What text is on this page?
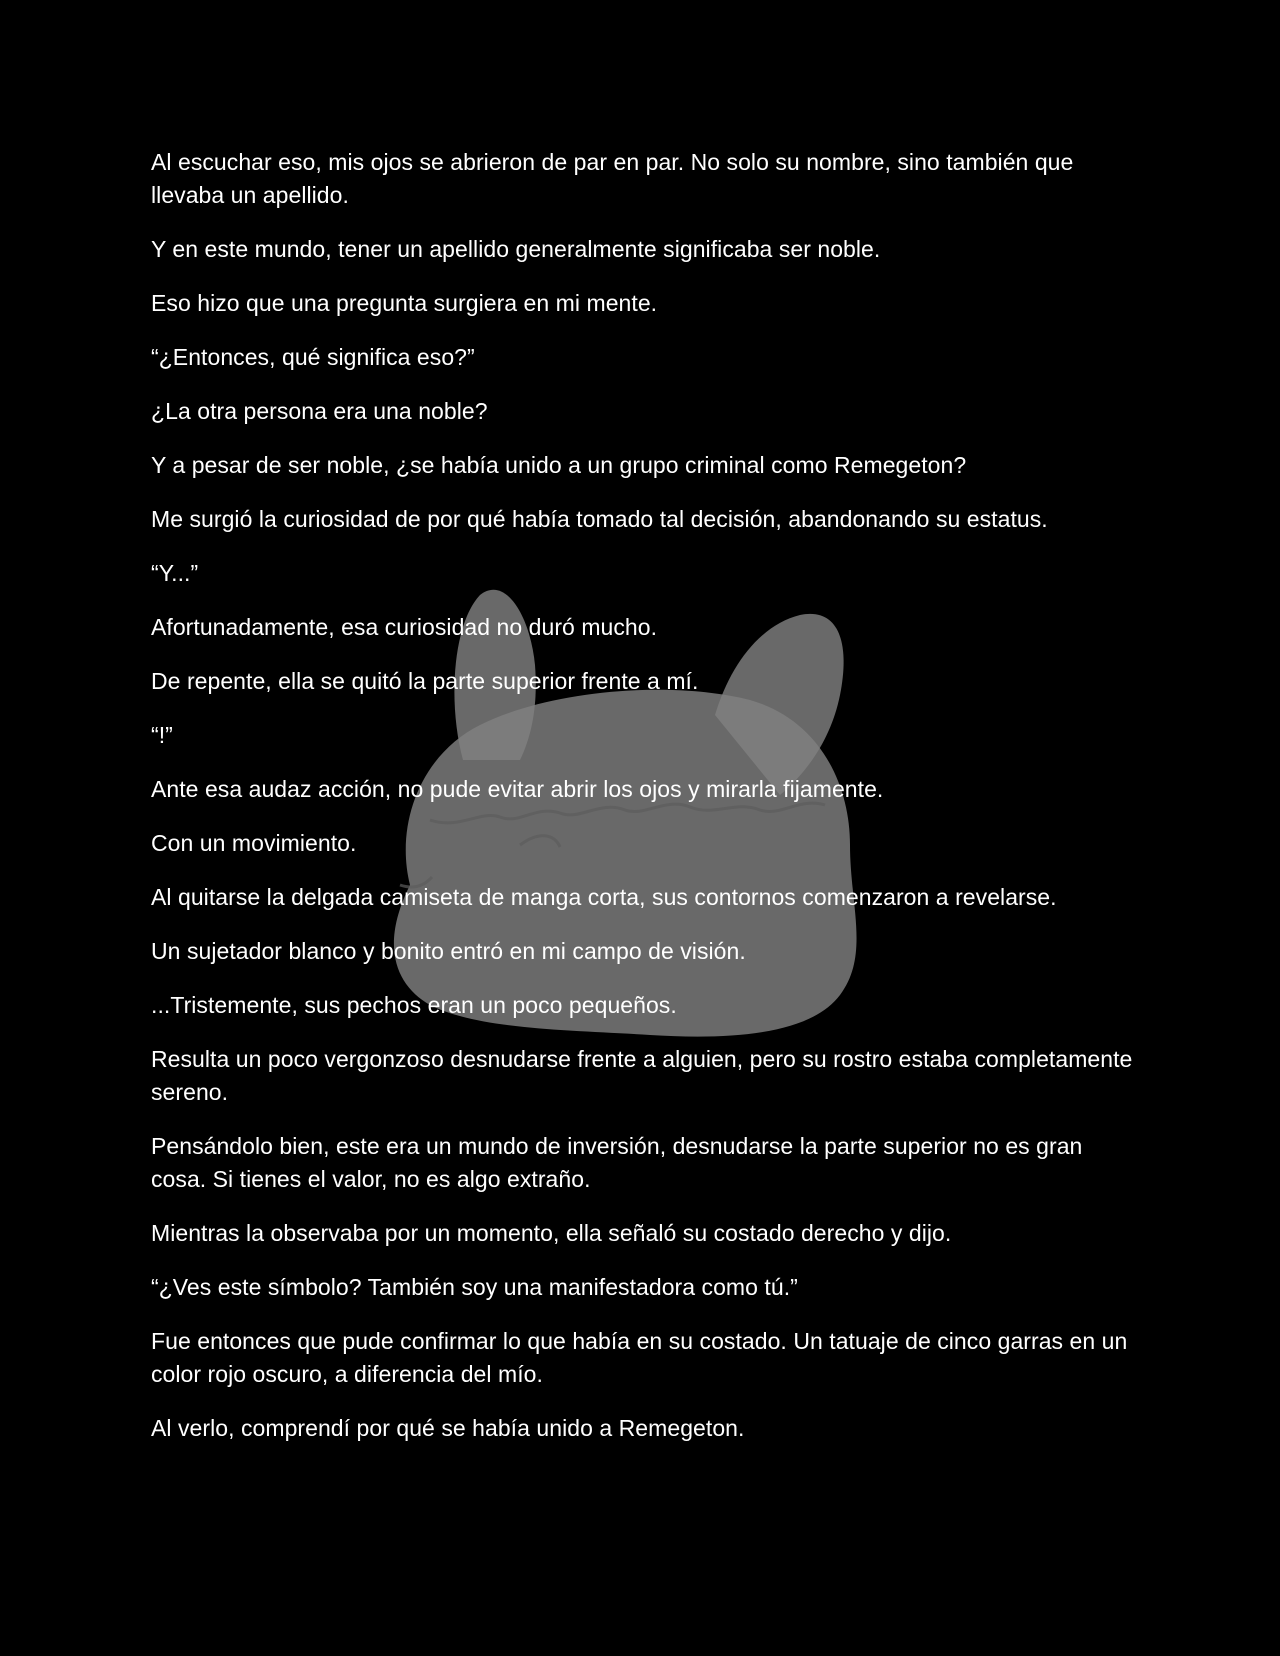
Al escuchar eso, mis ojos se abrieron de par en par. No solo su nombre, sino también que llevaba un apellido.

Y en este mundo, tener un apellido generalmente significaba ser noble.

Eso hizo que una pregunta surgiera en mi mente.

“¿Entonces, qué significa eso?”

¿La otra persona era una noble?

Y a pesar de ser noble, ¿se había unido a un grupo criminal como Remegeton?

Me surgió la curiosidad de por qué había tomado tal decisión, abandonando su estatus.

“Y...”

Afortunadamente, esa curiosidad no duró mucho.

De repente, ella se quitó la parte superior frente a mí.

“!”

Ante esa audaz acción, no pude evitar abrir los ojos y mirarla fijamente.

Con un movimiento.

Al quitarse la delgada camiseta de manga corta, sus contornos comenzaron a revelarse.

Un sujetador blanco y bonito entró en mi campo de visión.

...Tristemente, sus pechos eran un poco pequeños.

Resulta un poco vergonzoso desnudarse frente a alguien, pero su rostro estaba completamente sereno.

Pensándolo bien, este era un mundo de inversión, desnudarse la parte superior no es gran cosa. Si tienes el valor, no es algo extraño.

Mientras la observaba por un momento, ella señaló su costado derecho y dijo.

“¿Ves este símbolo? También soy una manifestadora como tú.”

Fue entonces que pude confirmar lo que había en su costado. Un tatuaje de cinco garras en un color rojo oscuro, a diferencia del mío.

Al verlo, comprendí por qué se había unido a Remegeton.
